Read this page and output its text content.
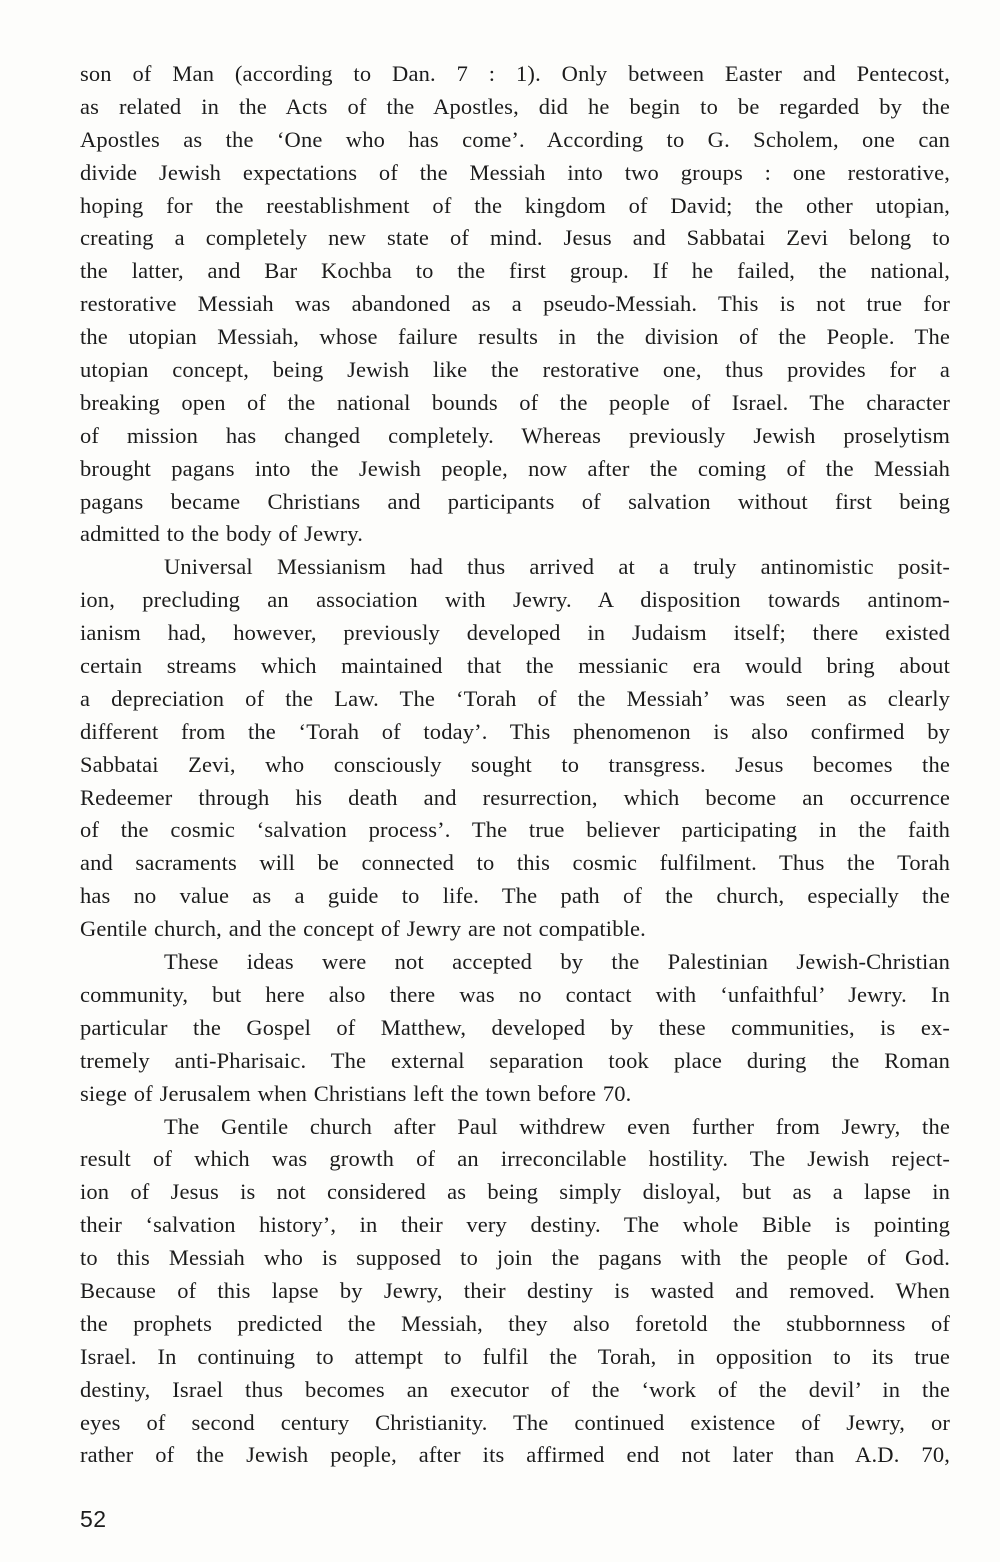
son of Man (according to Dan. 7 : 1). Only between Easter and Pentecost,
as related in the Acts of the Apostles, did he begin to be regarded by the
Apostles as the ‘One who has come’. According to G. Scholem, one can
divide Jewish expectations of the Messiah into two groups : one restorative,
hoping for the reestablishment of the kingdom of David; the other utopian,
creating a completely new state of mind. Jesus and Sabbatai Zevi belong to
the latter, and Bar Kochba to the first group. If he failed, the national,
restorative Messiah was abandoned as a pseudo-Messiah. This is not true for
the utopian Messiah, whose failure results in the division of the People. The
utopian concept, being Jewish like the restorative one, thus provides for a
breaking open of the national bounds of the people of Israel. The character
of mission has changed completely. Whereas previously Jewish proselytism
brought pagans into the Jewish people, now after the coming of the Messiah
pagans became Christians and participants of salvation without first being
admitted to the body of Jewry.
Universal Messianism had thus arrived at a truly antinomistic posit-
ion, precluding an association with Jewry. A disposition towards antinom-
ianism had, however, previously developed in Judaism itself; there existed
certain streams which maintained that the messianic era would bring about
a depreciation of the Law. The ‘Torah of the Messiah’ was seen as clearly
different from the ‘Torah of today’. This phenomenon is also confirmed by
Sabbatai Zevi, who consciously sought to transgress. Jesus becomes the
Redeemer through his death and resurrection, which become an occurrence
of the cosmic ‘salvation process’. The true believer participating in the faith
and sacraments will be connected to this cosmic fulfilment. Thus the Torah
has no value as a guide to life. The path of the church, especially the
Gentile church, and the concept of Jewry are not compatible.
These ideas were not accepted by the Palestinian Jewish-Christian
community, but here also there was no contact with ‘unfaithful’ Jewry. In
particular the Gospel of Matthew, developed by these communities, is ex-
tremely anti-Pharisaic. The external separation took place during the Roman
siege of Jerusalem when Christians left the town before 70.
The Gentile church after Paul withdrew even further from Jewry, the
result of which was growth of an irreconcilable hostility. The Jewish reject-
ion of Jesus is not considered as being simply disloyal, but as a lapse in
their ‘salvation history’, in their very destiny. The whole Bible is pointing
to this Messiah who is supposed to join the pagans with the people of God.
Because of this lapse by Jewry, their destiny is wasted and removed. When
the prophets predicted the Messiah, they also foretold the stubbornness of
Israel. In continuing to attempt to fulfil the Torah, in opposition to its true
destiny, Israel thus becomes an executor of the ‘work of the devil’ in the
eyes of second century Christianity. The continued existence of Jewry, or
rather of the Jewish people, after its affirmed end not later than A.D. 70,
52
